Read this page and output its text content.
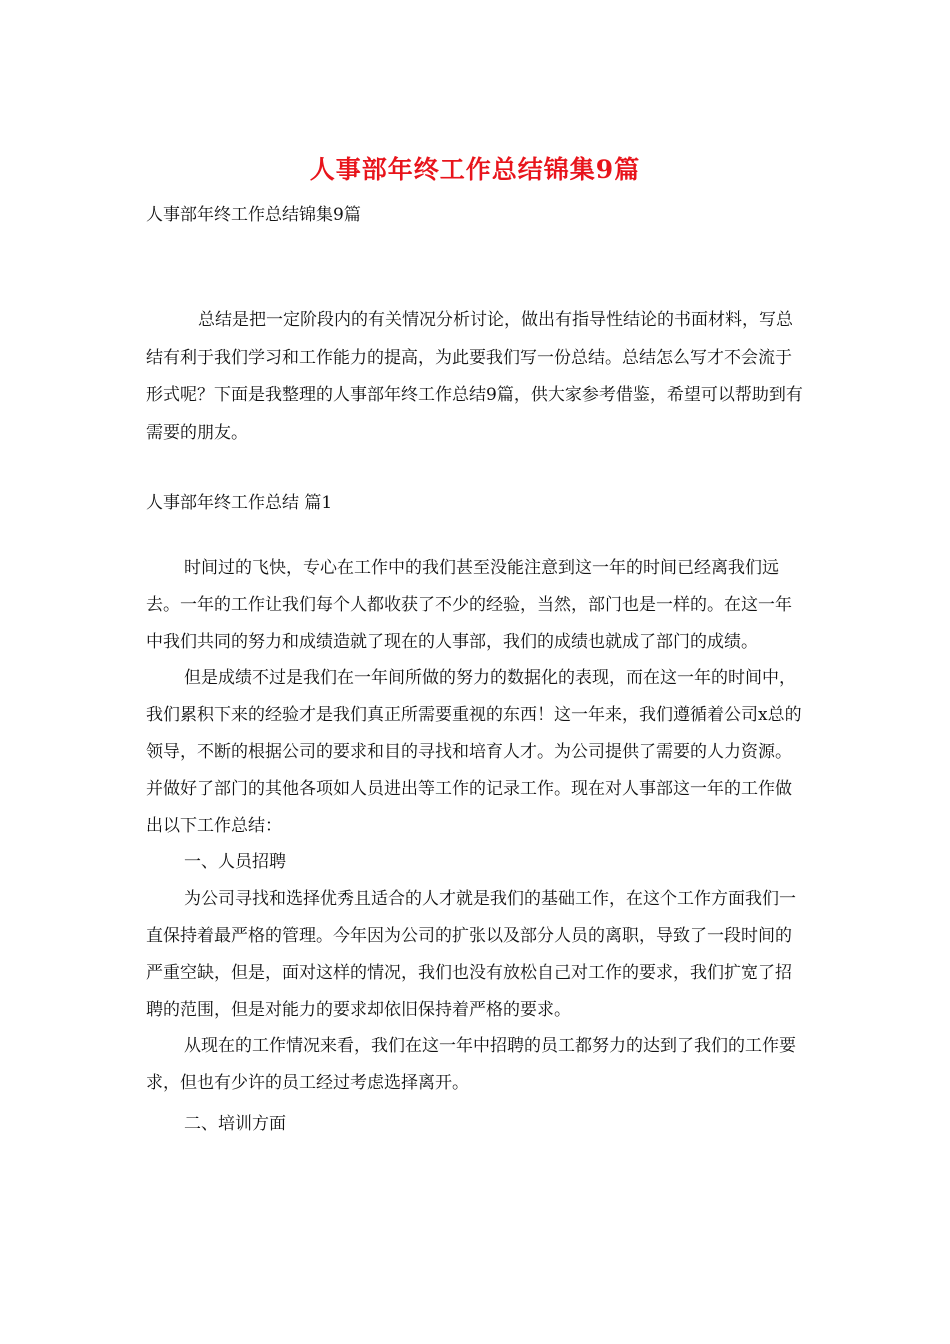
人事部年终工作总结锦集9篇

人事部年终工作总结锦集9篇

总结是把一定阶段内的有关情况分析讨论，做出有指导性结论的书面材料，写总结有利于我们学习和工作能力的提高，为此要我们写一份总结。总结怎么写才不会流于形式呢？下面是我整理的人事部年终工作总结9篇，供大家参考借鉴，希望可以帮助到有需要的朋友。

人事部年终工作总结 篇1

时间过的飞快，专心在工作中的我们甚至没能注意到这一年的时间已经离我们远去。一年的工作让我们每个人都收获了不少的经验，当然，部门也是一样的。在这一年中我们共同的努力和成绩造就了现在的人事部，我们的成绩也就成了部门的成绩。

但是成绩不过是我们在一年间所做的努力的数据化的表现，而在这一年的时间中，我们累积下来的经验才是我们真正所需要重视的东西！这一年来，我们遵循着公司x总的领导，不断的根据公司的要求和目的寻找和培育人才。为公司提供了需要的人力资源。并做好了部门的其他各项如人员进出等工作的记录工作。现在对人事部这一年的工作做出以下工作总结：

一、人员招聘

为公司寻找和选择优秀且适合的人才就是我们的基础工作，在这个工作方面我们一直保持着最严格的管理。今年因为公司的扩张以及部分人员的离职，导致了一段时间的严重空缺，但是，面对这样的情况，我们也没有放松自己对工作的要求，我们扩宽了招聘的范围，但是对能力的要求却依旧保持着严格的要求。

从现在的工作情况来看，我们在这一年中招聘的员工都努力的达到了我们的工作要求，但也有少许的员工经过考虑选择离开。

二、培训方面
